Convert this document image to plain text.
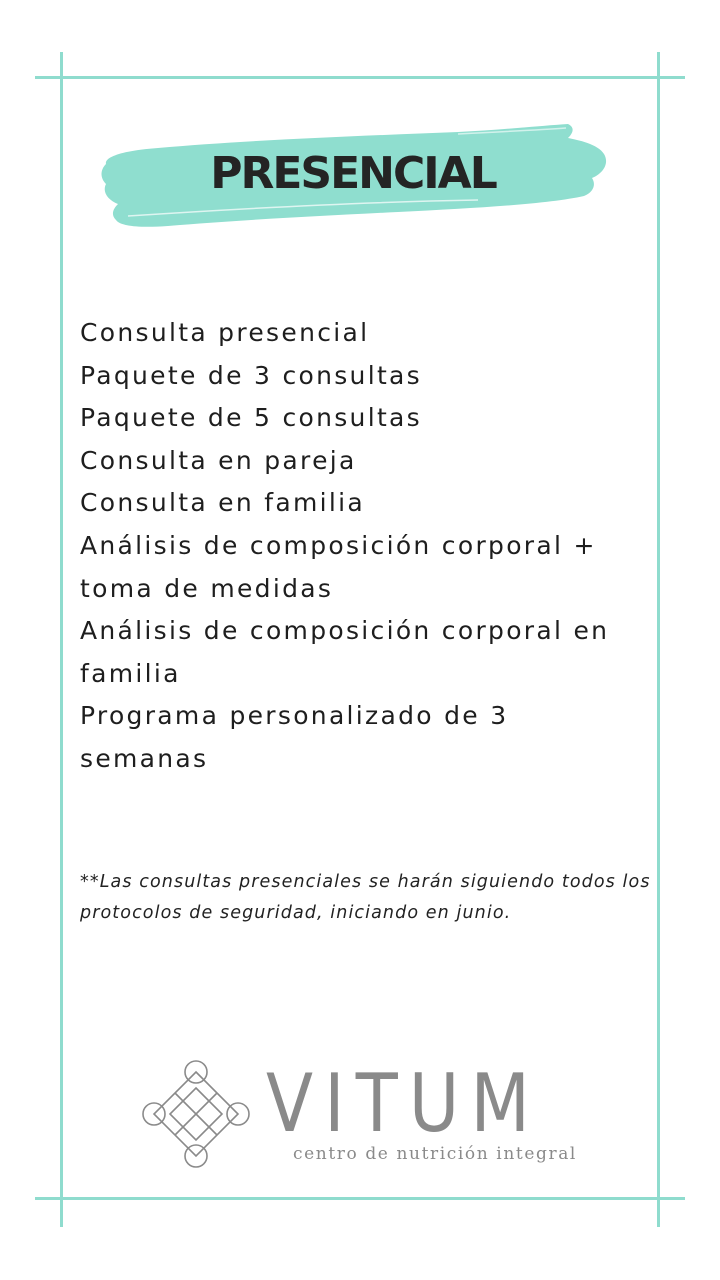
PRESENCIAL
Consulta presencial
Paquete de 3 consultas
Paquete de 5 consultas
Consulta en pareja
Consulta en familia
Análisis de composición corporal +
toma de medidas
Análisis de composición corporal en
familia
Programa personalizado de 3
semanas

**Las consultas presenciales se harán siguiendo todos los protocolos de seguridad, iniciando en junio.

VITUM
centro de nutrición integral
